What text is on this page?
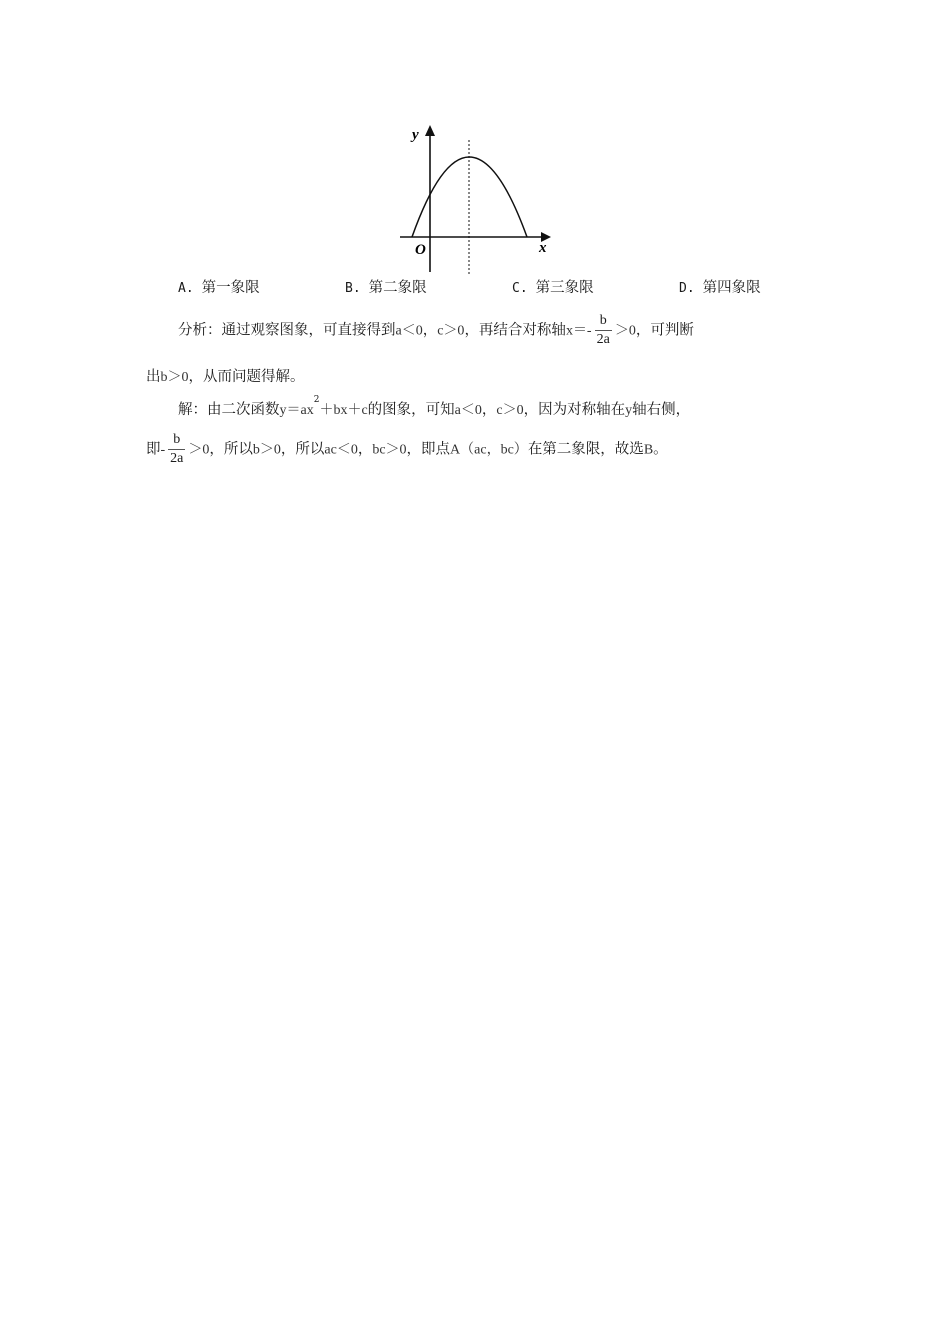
y
x
O
A. 第一象限	B. 第二象限	C. 第三象限	D. 第四象限
分析：通过观察图象，可直接得到a＜0，c＞0，再结合对称轴$x=- \frac{b}{2a} >0$，可判断
出b＞0，从而问题得解。
解：由二次函数$y=ax^2+bx+c$的图象，可知a＜0，c＞0，因为对称轴在y轴右侧，
即- $\frac{b}{2a} >0$，所以b＞0，所以ac＜0，bc＞0，即点A（ac，bc）在第二象限，故选B。
